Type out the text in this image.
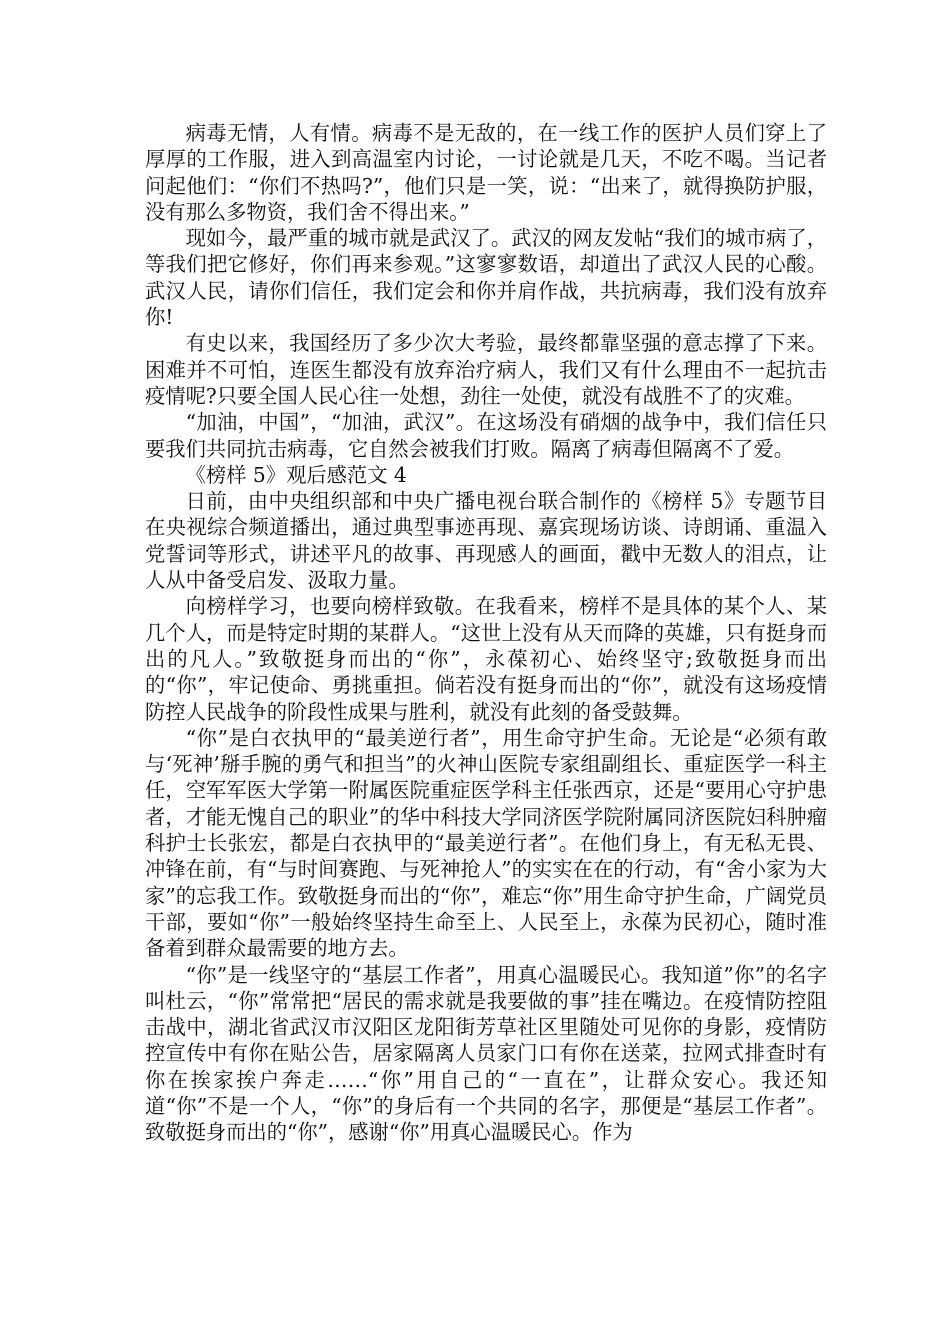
病毒无情，人有情。病毒不是无敌的，在一线工作的医护人员们穿上了厚厚的工作服，进入到高温室内讨论，一讨论就是几天，不吃不喝。当记者问起他们：“你们不热吗?”，他们只是一笑，说：“出来了，就得换防护服，没有那么多物资，我们舍不得出来。”

现如今，最严重的城市就是武汉了。武汉的网友发帖“我们的城市病了，等我们把它修好，你们再来参观。”这寥寥数语，却道出了武汉人民的心酸。武汉人民，请你们信任，我们定会和你并肩作战，共抗病毒，我们没有放弃你!

有史以来，我国经历了多少次大考验，最终都靠坚强的意志撑了下来。困难并不可怕，连医生都没有放弃治疗病人，我们又有什么理由不一起抗击疫情呢?只要全国人民心往一处想，劲往一处使，就没有战胜不了的灾难。

“加油，中国”，“加油，武汉”。在这场没有硝烟的战争中，我们信任只要我们共同抗击病毒，它自然会被我们打败。隔离了病毒但隔离不了爱。

《榜样 5》观后感范文 4

日前，由中央组织部和中央广播电视台联合制作的《榜样 5》专题节目在央视综合频道播出，通过典型事迹再现、嘉宾现场访谈、诗朗诵、重温入党誓词等形式，讲述平凡的故事、再现感人的画面，戳中无数人的泪点，让人从中备受启发、汲取力量。

向榜样学习，也要向榜样致敬。在我看来，榜样不是具体的某个人、某几个人，而是特定时期的某群人。“这世上没有从天而降的英雄，只有挺身而出的凡人。”致敬挺身而出的“你”，永葆初心、始终坚守;致敬挺身而出的“你”，牢记使命、勇挑重担。倘若没有挺身而出的“你”，就没有这场疫情防控人民战争的阶段性成果与胜利，就没有此刻的备受鼓舞。

“你”是白衣执甲的“最美逆行者”，用生命守护生命。无论是“必须有敢与‘死神’掰手腕的勇气和担当”的火神山医院专家组副组长、重症医学一科主任，空军军医大学第一附属医院重症医学科主任张西京，还是“要用心守护患者，才能无愧自己的职业”的华中科技大学同济医学院附属同济医院妇科肿瘤科护士长张宏，都是白衣执甲的“最美逆行者”。在他们身上，有无私无畏、冲锋在前，有“与时间赛跑、与死神抢人”的实实在在的行动，有“舍小家为大家”的忘我工作。致敬挺身而出的“你”，难忘“你”用生命守护生命，广阔党员干部，要如“你”一般始终坚持生命至上、人民至上，永葆为民初心，随时准备着到群众最需要的地方去。

“你”是一线坚守的“基层工作者”，用真心温暖民心。我知道”你”的名字叫杜云，“你”常常把“居民的需求就是我要做的事”挂在嘴边。在疫情防控阻击战中，湖北省武汉市汉阳区龙阳街芳草社区里随处可见你的身影，疫情防控宣传中有你在贴公告，居家隔离人员家门口有你在送菜，拉网式排查时有你在挨家挨户奔走……“你”用自己的“一直在”，让群众安心。我还知道“你”不是一个人，“你”的身后有一个共同的名字，那便是“基层工作者”。致敬挺身而出的“你”，感谢“你”用真心温暖民心。作为
